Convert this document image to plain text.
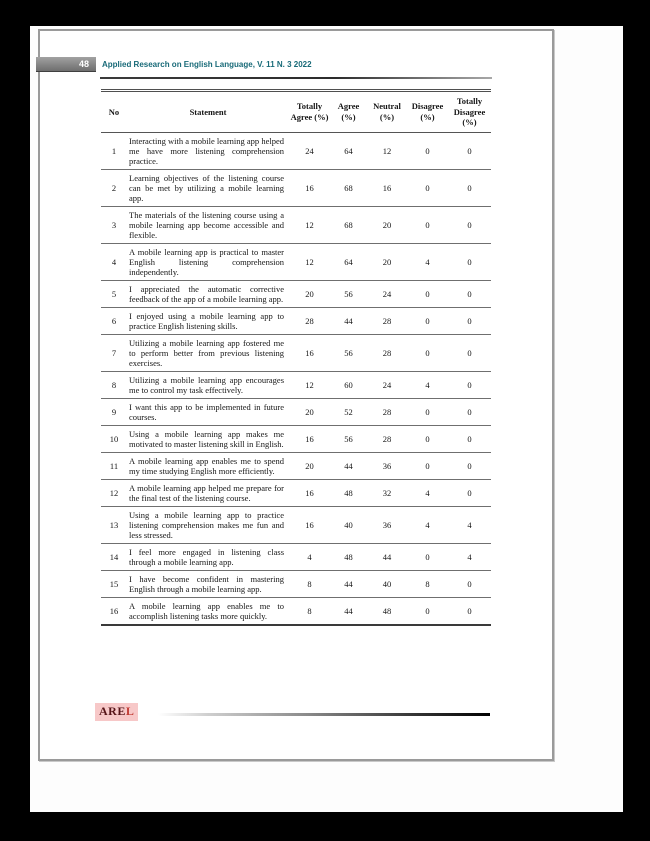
48	Applied Research on English Language, V. 11 N. 3 2022
No	Statement	Totally Agree (%)	Agree (%)	Neutral (%)	Disagree (%)	Totally Disagree (%)
1	Interacting with a mobile learning app helped me have more listening comprehension practice.	24	64	12	0	0
2	Learning objectives of the listening course can be met by utilizing a mobile learning app.	16	68	16	0	0
3	The materials of the listening course using a mobile learning app become accessible and flexible.	12	68	20	0	0
4	A mobile learning app is practical to master English listening comprehension independently.	12	64	20	4	0
5	I appreciated the automatic corrective feedback of the app of a mobile learning app.	20	56	24	0	0
6	I enjoyed using a mobile learning app to practice English listening skills.	28	44	28	0	0
7	Utilizing a mobile learning app fostered me to perform better from previous listening exercises.	16	56	28	0	0
8	Utilizing a mobile learning app encourages me to control my task effectively.	12	60	24	4	0
9	I want this app to be implemented in future courses.	20	52	28	0	0
10	Using a mobile learning app makes me motivated to master listening skill in English.	16	56	28	0	0
11	A mobile learning app enables me to spend my time studying English more efficiently.	20	44	36	0	0
12	A mobile learning app helped me prepare for the final test of the listening course.	16	48	32	4	0
13	Using a mobile learning app to practice listening comprehension makes me fun and less stressed.	16	40	36	4	4
14	I feel more engaged in listening class through a mobile learning app.	4	48	44	0	4
15	I have become confident in mastering English through a mobile learning app.	8	44	40	8	0
16	A mobile learning app enables me to accomplish listening tasks more quickly.	8	44	48	0	0
AREL
